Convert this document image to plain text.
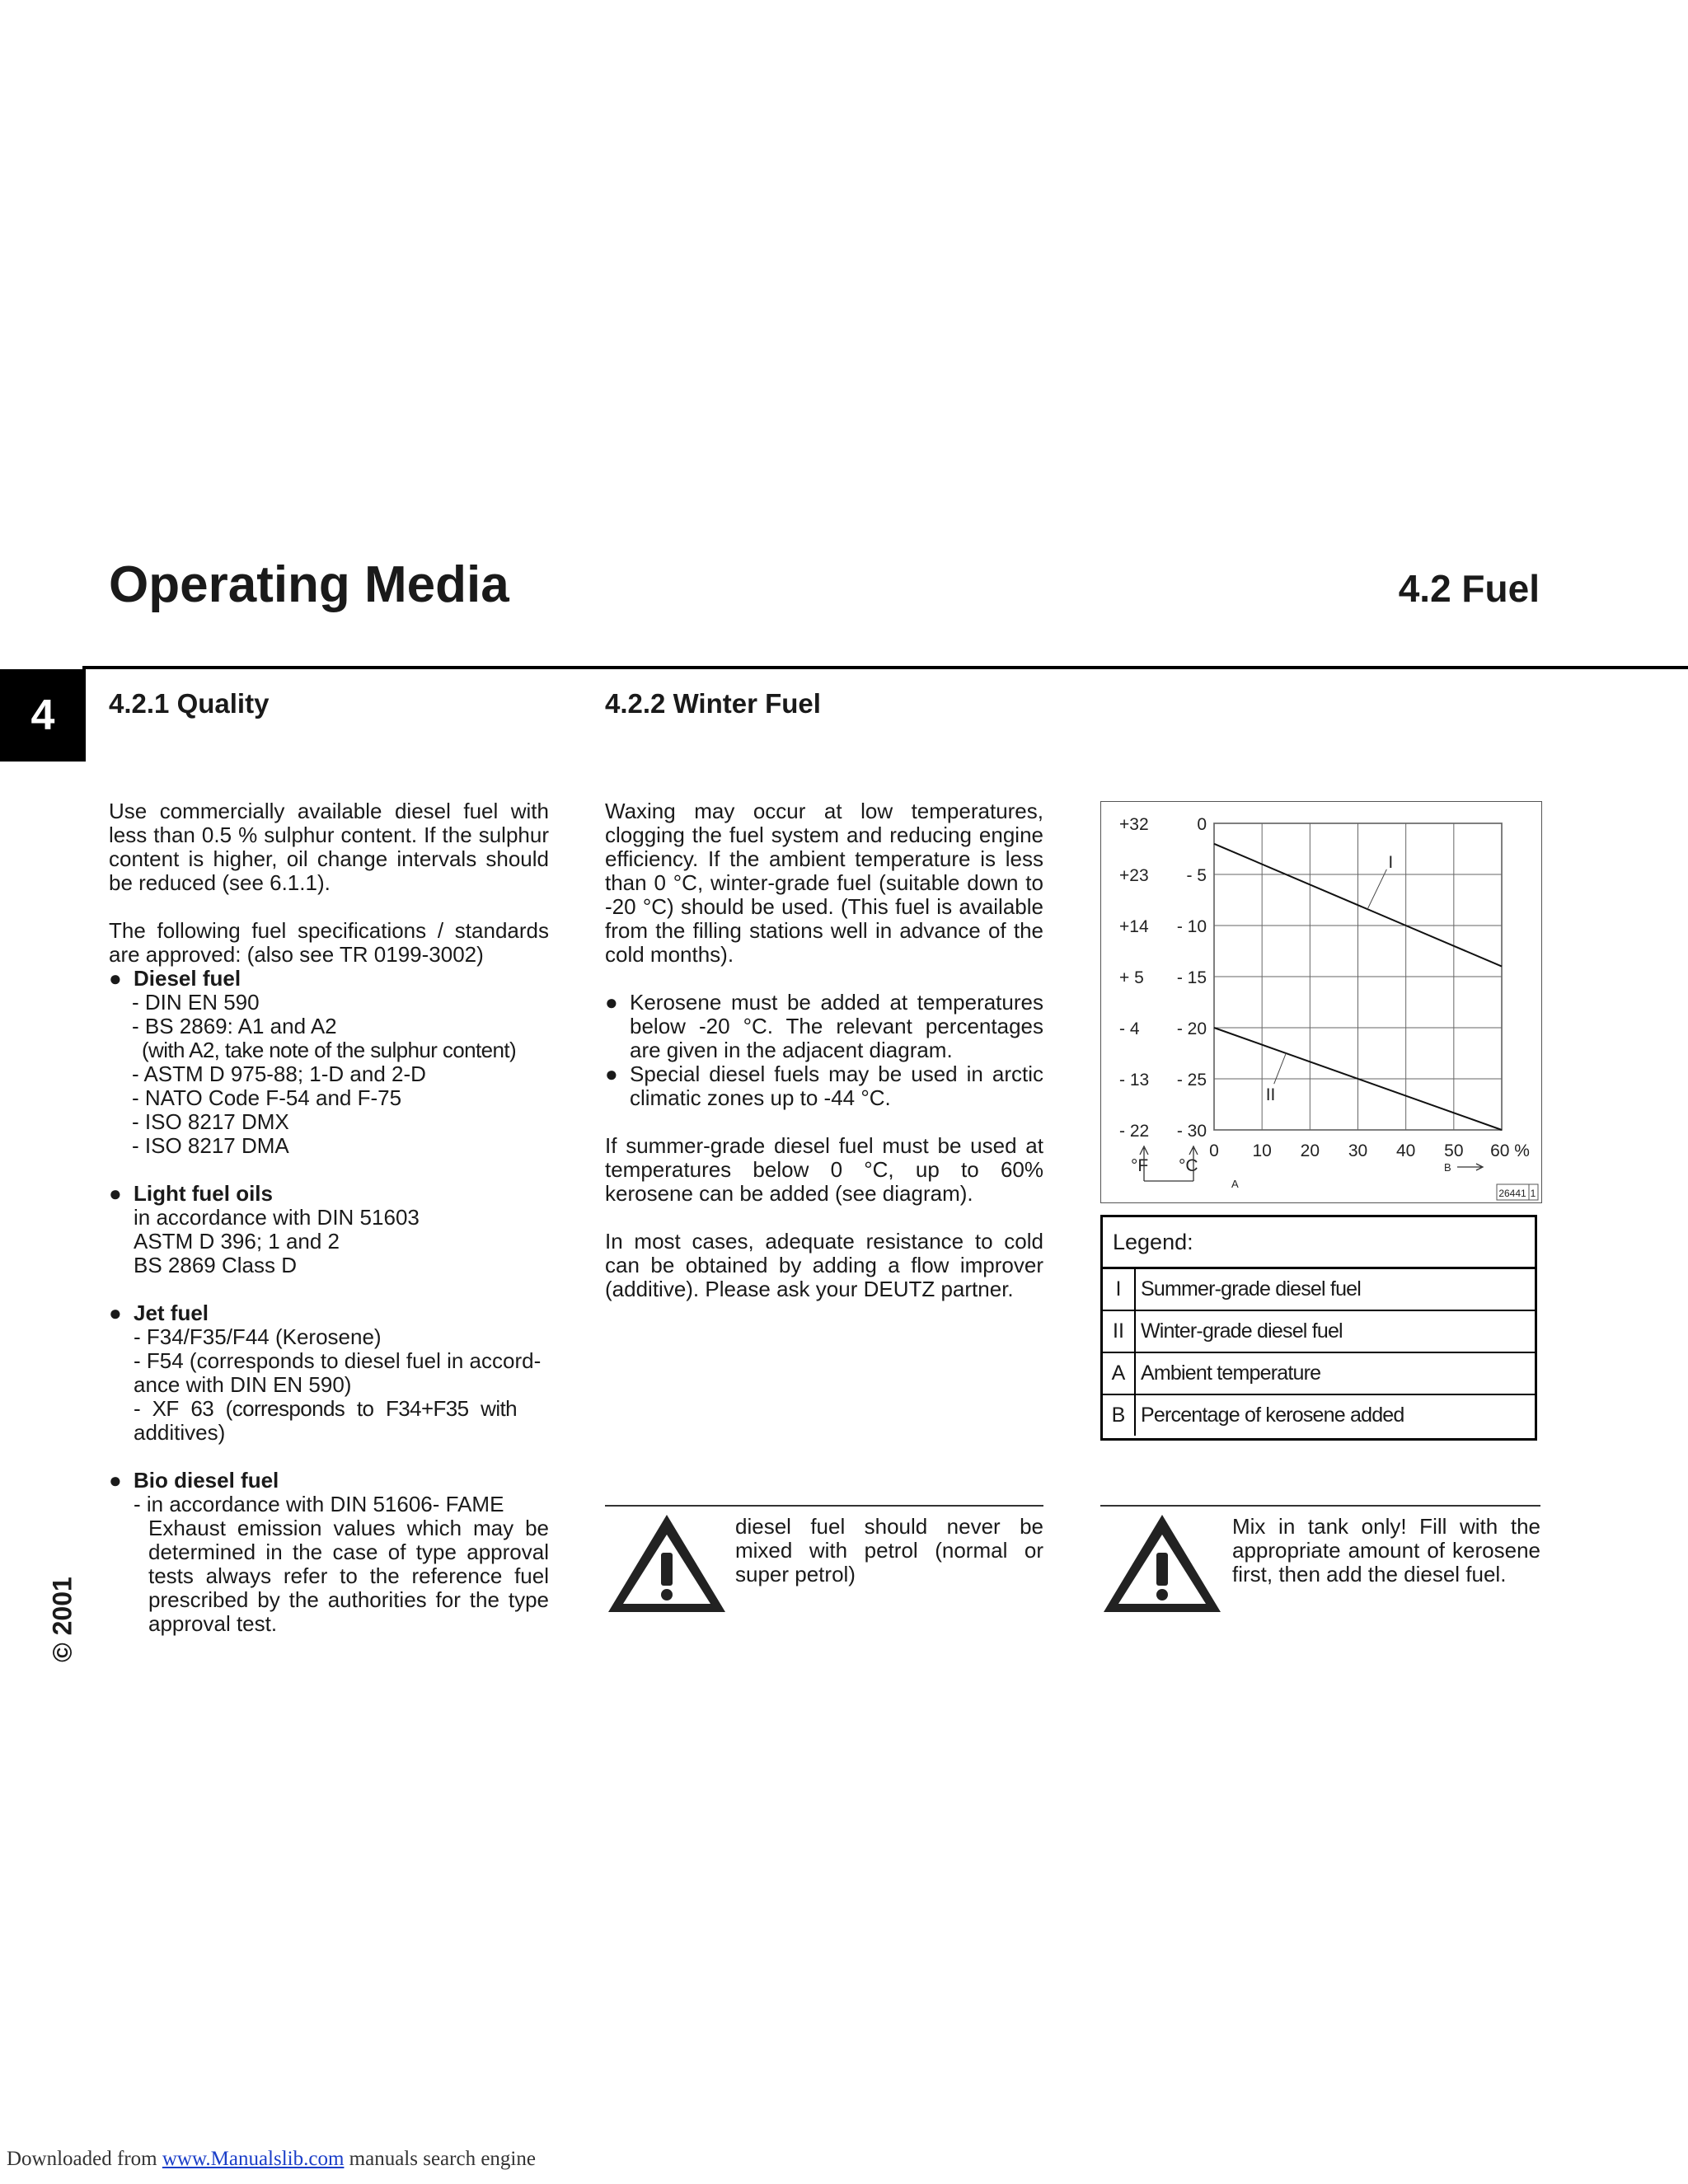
Operating Media	4.2 Fuel
4
© 2001
4.2.1 Quality	4.2.2 Winter Fuel

Use commercially available diesel fuel with less than 0.5 % sulphur content. If the sulphur content is higher, oil change intervals should be reduced (see 6.1.1).

The following fuel specifications / standards are approved: (also see TR 0199-3002)

● Diesel fuel

- DIN EN 590

- BS 2869: A1 and A2

(with A2, take note of the sulphur content)

- ASTM D 975-88; 1-D and 2-D

- NATO Code F-54 and F-75

- ISO 8217 DMX

- ISO 8217 DMA

● Light fuel oils

in accordance with DIN 51603

ASTM D 396; 1 and 2

BS 2869 Class D

● Jet fuel

- F34/F35/F44 (Kerosene)

- F54 (corresponds to diesel fuel in accord-

ance with DIN EN 590)

- XF 63 (corresponds to F34+F35 with

additives)

● Bio diesel fuel

- in accordance with DIN 51606- FAME

Exhaust emission values which may be determined in the case of type approval tests always refer to the reference fuel prescribed by the authorities for the type approval test.

Waxing may occur at low temperatures, clogging the fuel system and reducing engine efficiency. If the ambient temperature is less than 0 °C, winter-grade fuel (suitable down to -20 °C) should be used. (This fuel is available from the filling stations well in advance of the cold months).

● Kerosene must be added at temperatures below -20 °C. The relevant percentages are given in the adjacent diagram.

● Special diesel fuels may be used in arctic climatic zones up to -44 °C.

If summer-grade diesel fuel must be used at temperatures below 0 °C, up to 60% kerosene can be added (see diagram).

In most cases, adequate resistance to cold can be obtained by adding a flow improver (additive). Please ask your DEUTZ partner.

+32	0
+23 - 5
+14 - 10
+ 5 - 15
- 4 - 20
- 13 - 25
- 22 - 30
0 10 20 30 40 50 60 %
°F °C
A
B
I
II
26441 1
Legend:
I	Summer-grade diesel fuel
II	Winter-grade diesel fuel
A	Ambient temperature
B	Percentage of kerosene added
diesel fuel should never be mixed with petrol (normal or super petrol)
Mix in tank only! Fill with the appropriate amount of kerosene first, then add the diesel fuel.
Downloaded from www.Manualslib.com manuals search engine
